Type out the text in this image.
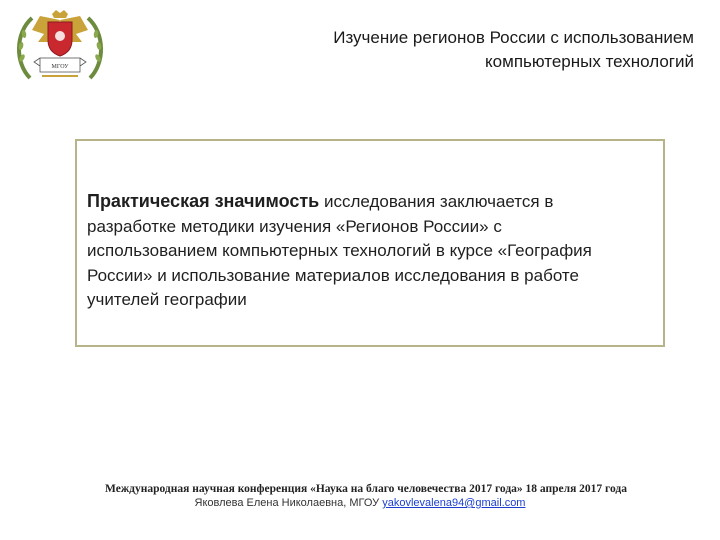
МГОУ
Изучение регионов России с использованием
компьютерных технологий
Практическая значимость исследования заключается в
разработке методики изучения «Регионов России» с
использованием компьютерных технологий в курсе «География
России» и использование материалов исследования в работе
учителей географии
Международная научная конференция «Наука на благо человечества 2017 года» 18 апреля 2017 года
Яковлева Елена Николаевна, МГОУ yakovlevalena94@gmail.com
